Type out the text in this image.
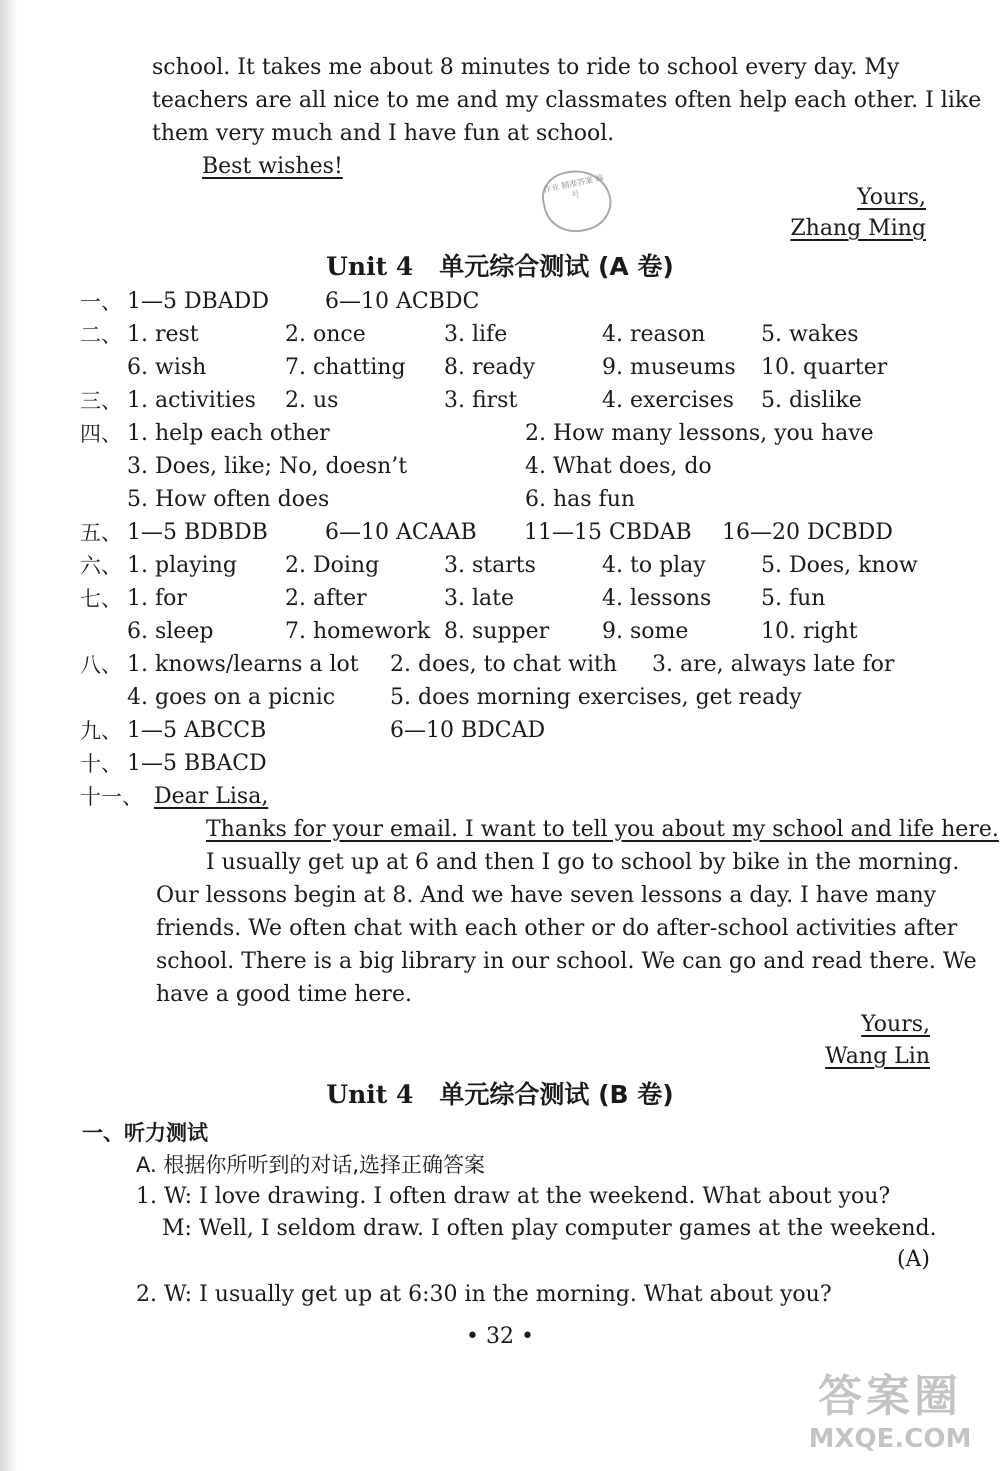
school. It takes me about 8 minutes to ride to school every day. My
teachers are all nice to me and my classmates often help each other. I like
them very much and I have fun at school.
Best wishes!
作业 精准答案 编号	Yours,
Zhang Ming
Unit 4 单元综合测试 (A 卷)
一、 1—5 DBADD	6—10 ACBDC
二、 1. rest	2. once	3. life	4. reason	5. wakes
6. wish	7. chatting 8. ready	9. museums 10. quarter
三、 1. activities 2. us	3. first	4. exercises 5. dislike
四、 1. help each other	2. How many lessons, you have
3. Does, like; No, doesn’t	4. What does, do
5. How often does	6. has fun
五、 1—5 BDBDB	6—10 ACAAB 11—15 CBDAB 16—20 DCBDD
六、 1. playing 2. Doing	3. starts	4. to play	5. Does, know
七、 1. for	2. after	3. late	4. lessons 5. fun
6. sleep	7. homework 8. supper 9. some	10. right
八、 1. knows/learns a lot 2. does, to chat with 3. are, always late for
4. goes on a picnic 5. does morning exercises, get ready
九、 1—5 ABCCB	6—10 BDCAD
十、 1—5 BBACD
十一、 Dear Lisa,
Thanks for your email. I want to tell you about my school and life here.
I usually get up at 6 and then I go to school by bike in the morning.
Our lessons begin at 8. And we have seven lessons a day. I have many
friends. We often chat with each other or do after-school activities after
school. There is a big library in our school. We can go and read there. We
have a good time here.
Yours,
Wang Lin
Unit 4 单元综合测试 (B 卷)
一、听力测试
A. 根据你所听到的对话,选择正确答案
1. W: I love drawing. I often draw at the weekend. What about you?
M: Well, I seldom draw. I often play computer games at the weekend.
(A)
2. W: I usually get up at 6:30 in the morning. What about you?
• 32 •
答案圈
MXQE.COM
